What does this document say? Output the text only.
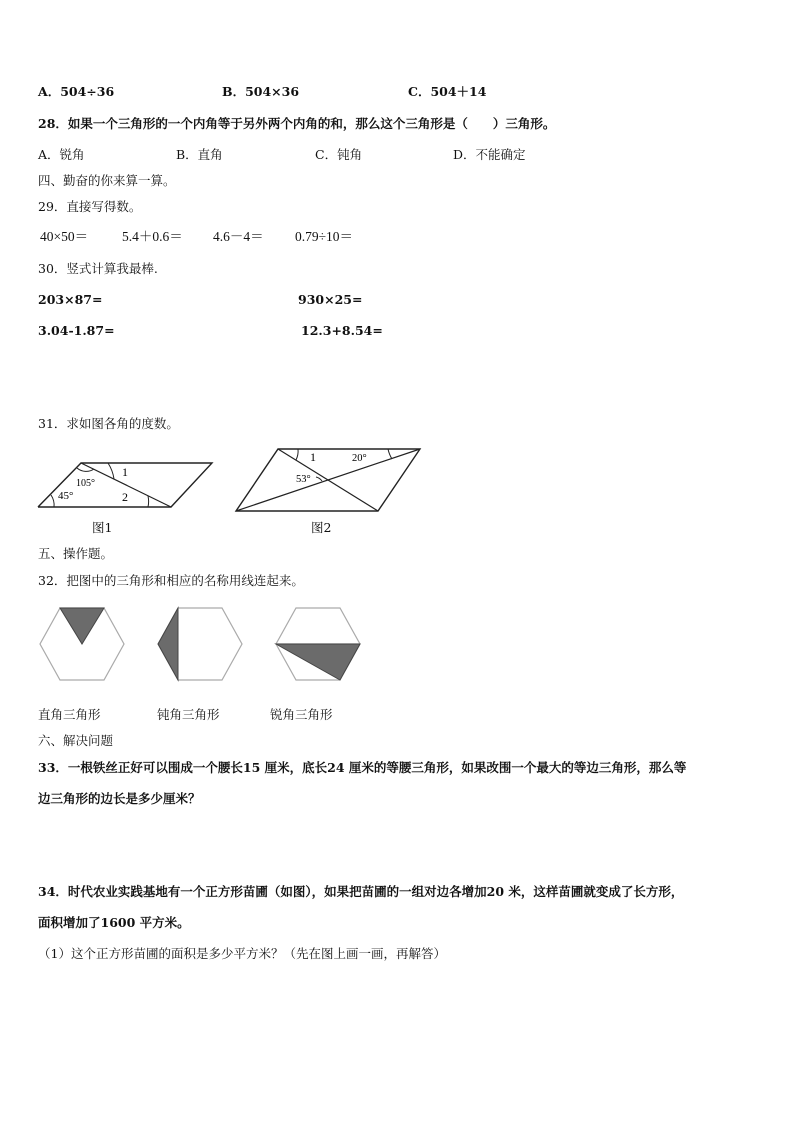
A．504÷36	B．504×36	C．504＋14
28．如果一个三角形的一个内角等于另外两个内角的和，那么这个三角形是（　　）三角形。
A．锐角	B．直角	C．钝角	D．不能确定
四、勤奋的你来算一算。
29．直接写得数。
40×50＝	5.4＋0.6＝ 4.6－4＝ 0.79÷10＝
30．竖式计算我最棒.
203×87=	930×25=
3.04-1.87=	12.3+8.54=
31．求如图各角的度数。
1
105°
45°	2
图1
1	20°
53°
图2
五、操作题。
32．把图中的三角形和相应的名称用线连起来。
直角三角形	钝角三角形	锐角三角形
六、解决问题
33．一根铁丝正好可以围成一个腰长15 厘米，底长24 厘米的等腰三角形，如果改围一个最大的等边三角形，那么等
边三角形的边长是多少厘米？
34．时代农业实践基地有一个正方形苗圃（如图），如果把苗圃的一组对边各增加20 米，这样苗圃就变成了长方形，
面积增加了1600 平方米。
（1）这个正方形苗圃的面积是多少平方米？（先在图上画一画，再解答）
